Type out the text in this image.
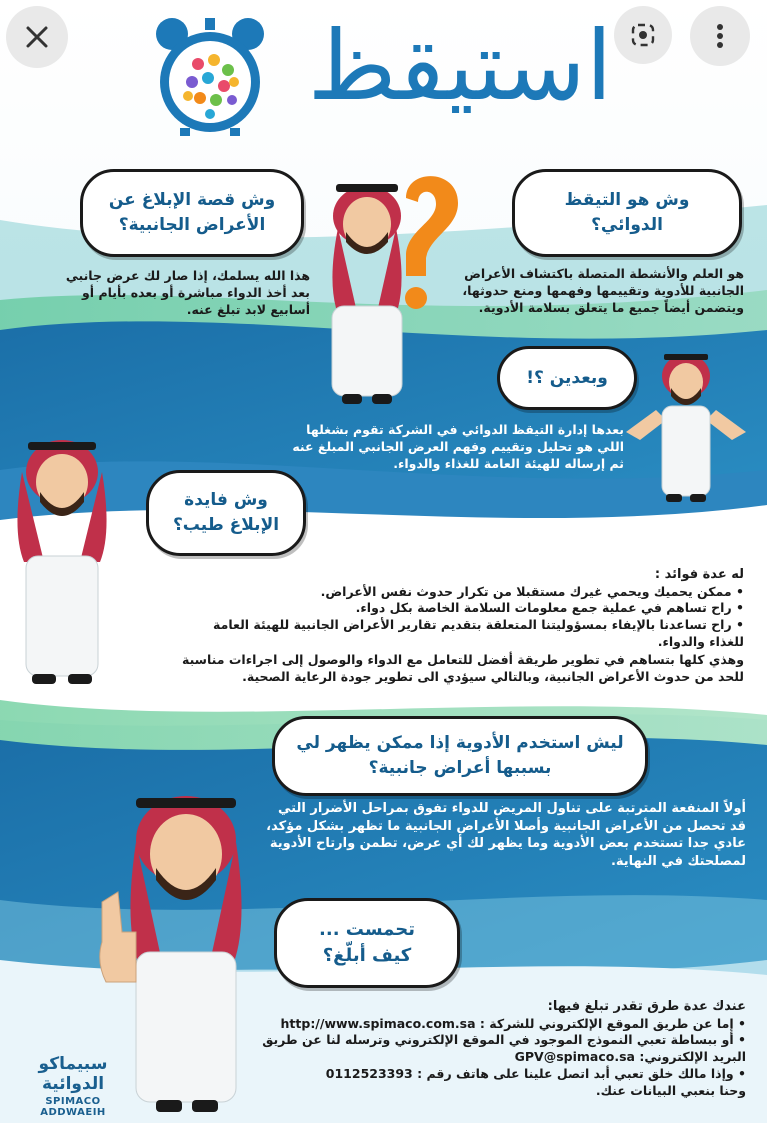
استيقظ
وش هو التيقظ
الدوائي؟
هو العلم والأنشطة المتصلة باكتشاف الأعراض الجانبية للأدوية وتقييمها وفهمها ومنع حدوثها، ويتضمن أيضاً جميع ما يتعلق بسلامة الأدوية.
وش قصة الإبلاغ عن
الأعراض الجانبية؟
هذا الله يسلمك، إذا صار لك عرض جانبي بعد أخذ الدواء مباشرة أو بعده بأيام أو أسابيع لابد تبلغ عنه.
وبعدين ؟!
بعدها إدارة التيقظ الدوائي في الشركة تقوم بشغلها اللي هو تحليل وتقييم وفهم العرض الجانبي المبلغ عنه ثم إرساله للهيئة العامة للغذاء والدواء.
وش فايدة
الإبلاغ طيب؟
له عدة فوائد :
• ممكن يحميك ويحمي غيرك مستقبلا من تكرار حدوث نفس الأعراض.
• راح تساهم في عملية جمع معلومات السلامة الخاصة بكل دواء.
• راح تساعدنا بالإيفاء بمسؤوليتنا المتعلقة بتقديم تقارير الأعراض الجانبية للهيئة العامة للغذاء والدواء.
وهذي كلها بتساهم في تطوير طريقة أفضل للتعامل مع الدواء والوصول إلى اجراءات مناسبة للحد من حدوث الأعراض الجانبية، وبالتالي سيؤدي الى تطوير جودة الرعاية الصحية.
ليش استخدم الأدوية إذا ممكن يظهر لي
بسببها أعراض جانبية؟
أولاً المنفعة المترتبة على تناول المريض للدواء تفوق بمراحل الأضرار التي قد تحصل من الأعراض الجانبية وأصلا الأعراض الجانبية ما تظهر بشكل مؤكد، عادي جدا تستخدم بعض الأدوية وما يظهر لك أي عرض، تطمن وارتاح الأدوية لمصلحتك في النهاية.
تحمست ...
كيف أبلّغ؟
عندك عدة طرق تقدر تبلغ فيها:
• إما عن طريق الموقع الإلكتروني للشركة : http://www.spimaco.com.sa
• أو ببساطة تعبي النموذج الموجود في الموقع الإلكتروني وترسله لنا عن طريق البريد الإلكتروني: GPV@spimaco.sa
• وإذا مالك خلق تعبي أبد اتصل علينا على هاتف رقم : 0112523393
وحنا بنعبي البيانات عنك.
سبيماكو الدوائية
SPIMACO ADDWAEIH
